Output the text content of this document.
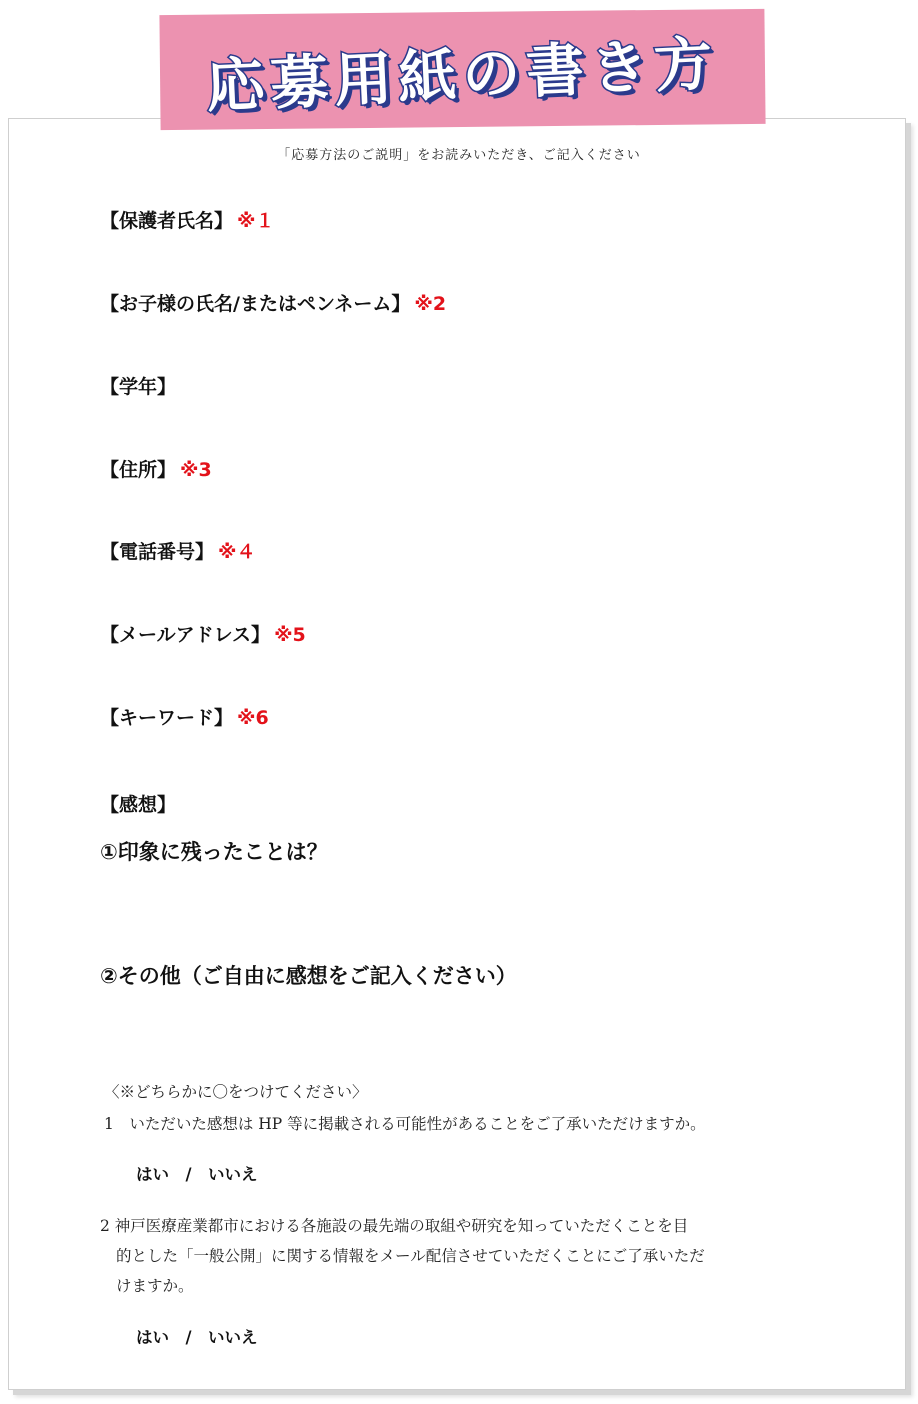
応募用紙の書き方
「応募方法のご説明」をお読みいただき、ご記入ください
【保護者氏名】 ※１
【お子様の氏名/またはペンネーム】 ※2
【学年】
【住所】 ※3
【電話番号】 ※４
【メールアドレス】 ※5
【キーワード】 ※6
【感想】
①印象に残ったことは？
②その他（ご自由に感想をご記入ください）
〈※どちらかに〇をつけてください〉
1　いただいた感想は HP 等に掲載される可能性があることをご了承いただけますか。
はい　/　いいえ
2 神戸医療産業都市における各施設の最先端の取組や研究を知っていただくことを目
的とした「一般公開」に関する情報をメール配信させていただくことにご了承いただ
けますか。
はい　/　いいえ
